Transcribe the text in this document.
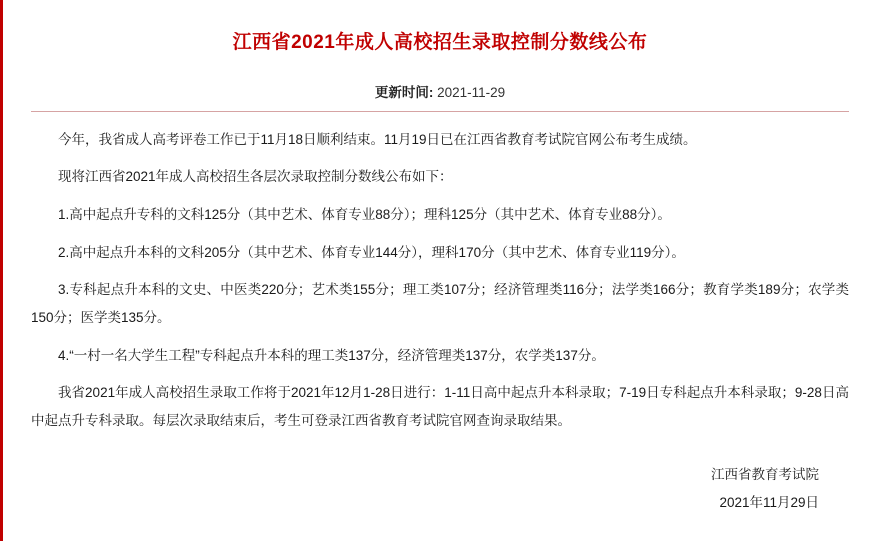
江西省2021年成人高校招生录取控制分数线公布
更新时间: 2021-11-29

今年，我省成人高考评卷工作已于11月18日顺利结束。11月19日已在江西省教育考试院官网公布考生成绩。

现将江西省2021年成人高校招生各层次录取控制分数线公布如下：

1.高中起点升专科的文科125分（其中艺术、体育专业88分）；理科125分（其中艺术、体育专业88分）。

2.高中起点升本科的文科205分（其中艺术、体育专业144分），理科170分（其中艺术、体育专业119分）。

3.专科起点升本科的文史、中医类220分；艺术类155分；理工类107分；经济管理类116分；法学类166分；教育学类189分；农学类150分；医学类135分。

4.“一村一名大学生工程”专科起点升本科的理工类137分，经济管理类137分，农学类137分。

我省2021年成人高校招生录取工作将于2021年12月1-28日进行：1-11日高中起点升本科录取；7-19日专科起点升本科录取；9-28日高中起点升专科录取。每层次录取结束后，考生可登录江西省教育考试院官网查询录取结果。

江西省教育考试院
2021年11月29日
